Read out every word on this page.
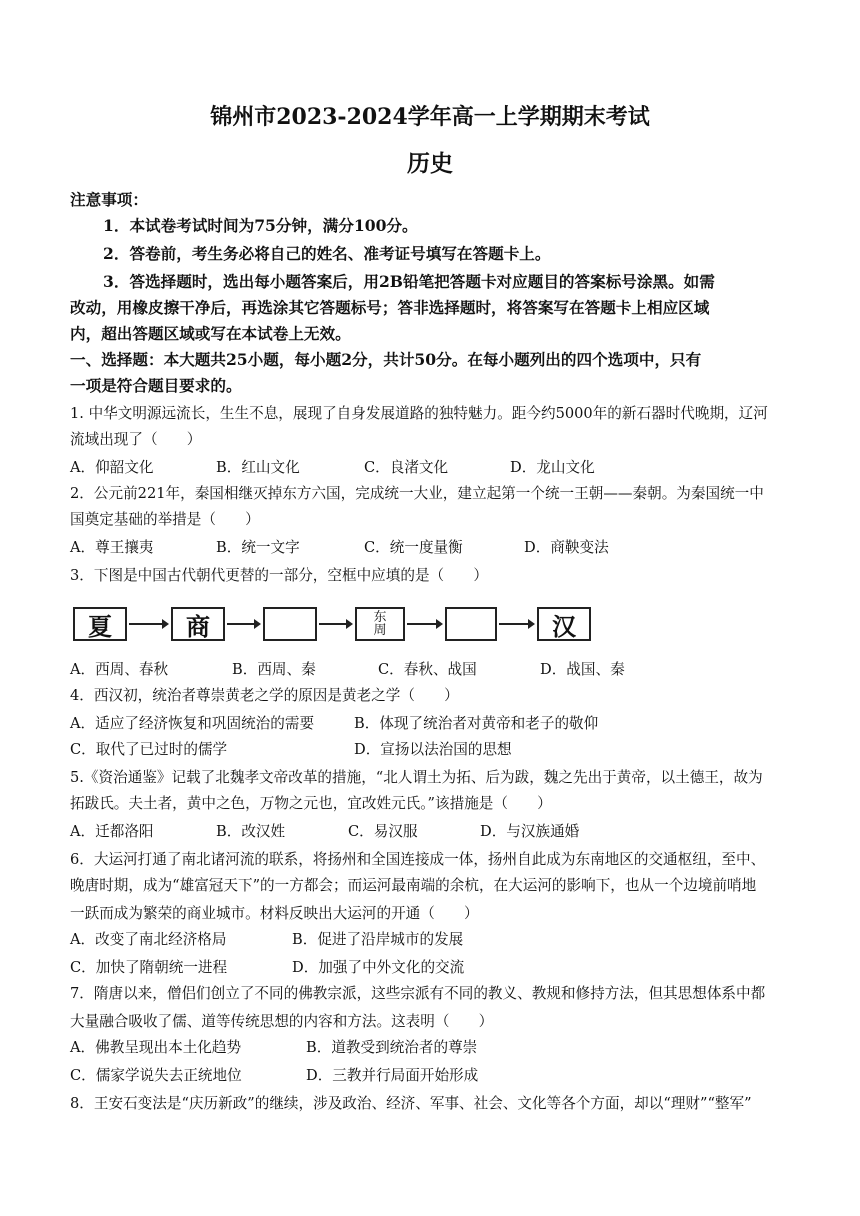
锦州市2023-2024学年高一上学期期末考试
历史
注意事项：
1．本试卷考试时间为75分钟，满分100分。
2．答卷前，考生务必将自己的姓名、准考证号填写在答题卡上。
3．答选择题时，选出每小题答案后，用2B铅笔把答题卡对应题目的答案标号涂黑。如需
改动，用橡皮擦干净后，再选涂其它答题标号；答非选择题时，将答案写在答题卡上相应区域
内，超出答题区域或写在本试卷上无效。
一、选择题：本大题共25小题，每小题2分，共计50分。在每小题列出的四个选项中，只有
一项是符合题目要求的。
1. 中华文明源远流长，生生不息，展现了自身发展道路的独特魅力。距今约5000年的新石器时代晚期，辽河
流域出现了（　　）
A．仰韶文化	B．红山文化	C．良渚文化	D．龙山文化
2．公元前221年，秦国相继灭掉东方六国，完成统一大业，建立起第一个统一王朝——秦朝。为秦国统一中
国奠定基础的举措是（　　）
A．尊王攘夷	B．统一文字	C．统一度量衡	D．商鞅变法
3．下图是中国古代朝代更替的一部分，空框中应填的是（　　）
夏	商	东周	汉
A．西周、春秋	B．西周、秦	C．春秋、战国	D．战国、秦
4．西汉初，统治者尊崇黄老之学的原因是黄老之学（　　）
A．适应了经济恢复和巩固统治的需要	B．体现了统治者对黄帝和老子的敬仰
C．取代了已过时的儒学	D．宣扬以法治国的思想
5.《资治通鉴》记载了北魏孝文帝改革的措施，“北人谓土为拓、后为跋，魏之先出于黄帝，以土德王，故为
拓跋氏。夫土者，黄中之色，万物之元也，宜改姓元氏。”该措施是（　　）
A．迁都洛阳	B．改汉姓	C．易汉服	D．与汉族通婚
6．大运河打通了南北诸河流的联系，将扬州和全国连接成一体，扬州自此成为东南地区的交通枢纽，至中、
晚唐时期，成为“雄富冠天下”的一方都会；而运河最南端的余杭，在大运河的影响下，也从一个边境前哨地
一跃而成为繁荣的商业城市。材料反映出大运河的开通（　　）
A．改变了南北经济格局	B．促进了沿岸城市的发展
C．加快了隋朝统一进程	D．加强了中外文化的交流
7．隋唐以来，僧侣们创立了不同的佛教宗派，这些宗派有不同的教义、教规和修持方法，但其思想体系中都
大量融合吸收了儒、道等传统思想的内容和方法。这表明（　　）
A．佛教呈现出本土化趋势	B．道教受到统治者的尊崇
C．儒家学说失去正统地位	D．三教并行局面开始形成
8．王安石变法是“庆历新政”的继续，涉及政治、经济、军事、社会、文化等各个方面，却以“理财”“整军”
